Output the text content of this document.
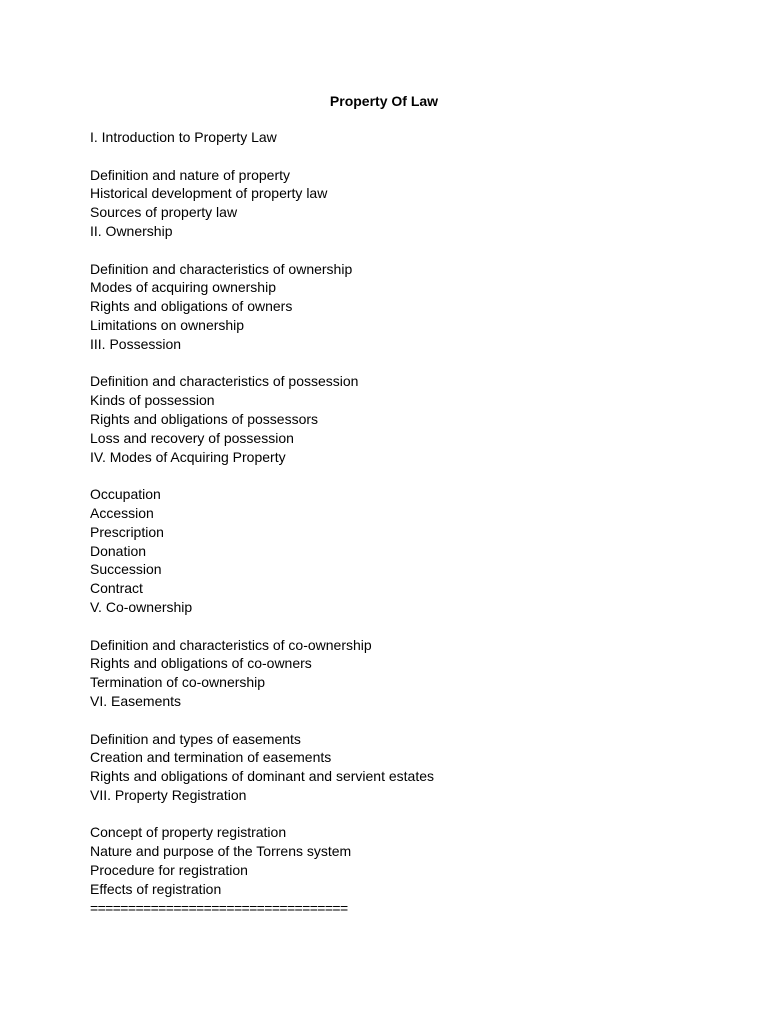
Property Of Law
I. Introduction to Property Law
Definition and nature of property
Historical development of property law
Sources of property law
II. Ownership
Definition and characteristics of ownership
Modes of acquiring ownership
Rights and obligations of owners
Limitations on ownership
III. Possession
Definition and characteristics of possession
Kinds of possession
Rights and obligations of possessors
Loss and recovery of possession
IV. Modes of Acquiring Property
Occupation
Accession
Prescription
Donation
Succession
Contract
V. Co-ownership
Definition and characteristics of co-ownership
Rights and obligations of co-owners
Termination of co-ownership
VI. Easements
Definition and types of easements
Creation and termination of easements
Rights and obligations of dominant and servient estates
VII. Property Registration
Concept of property registration
Nature and purpose of the Torrens system
Procedure for registration
Effects of registration
==================================
